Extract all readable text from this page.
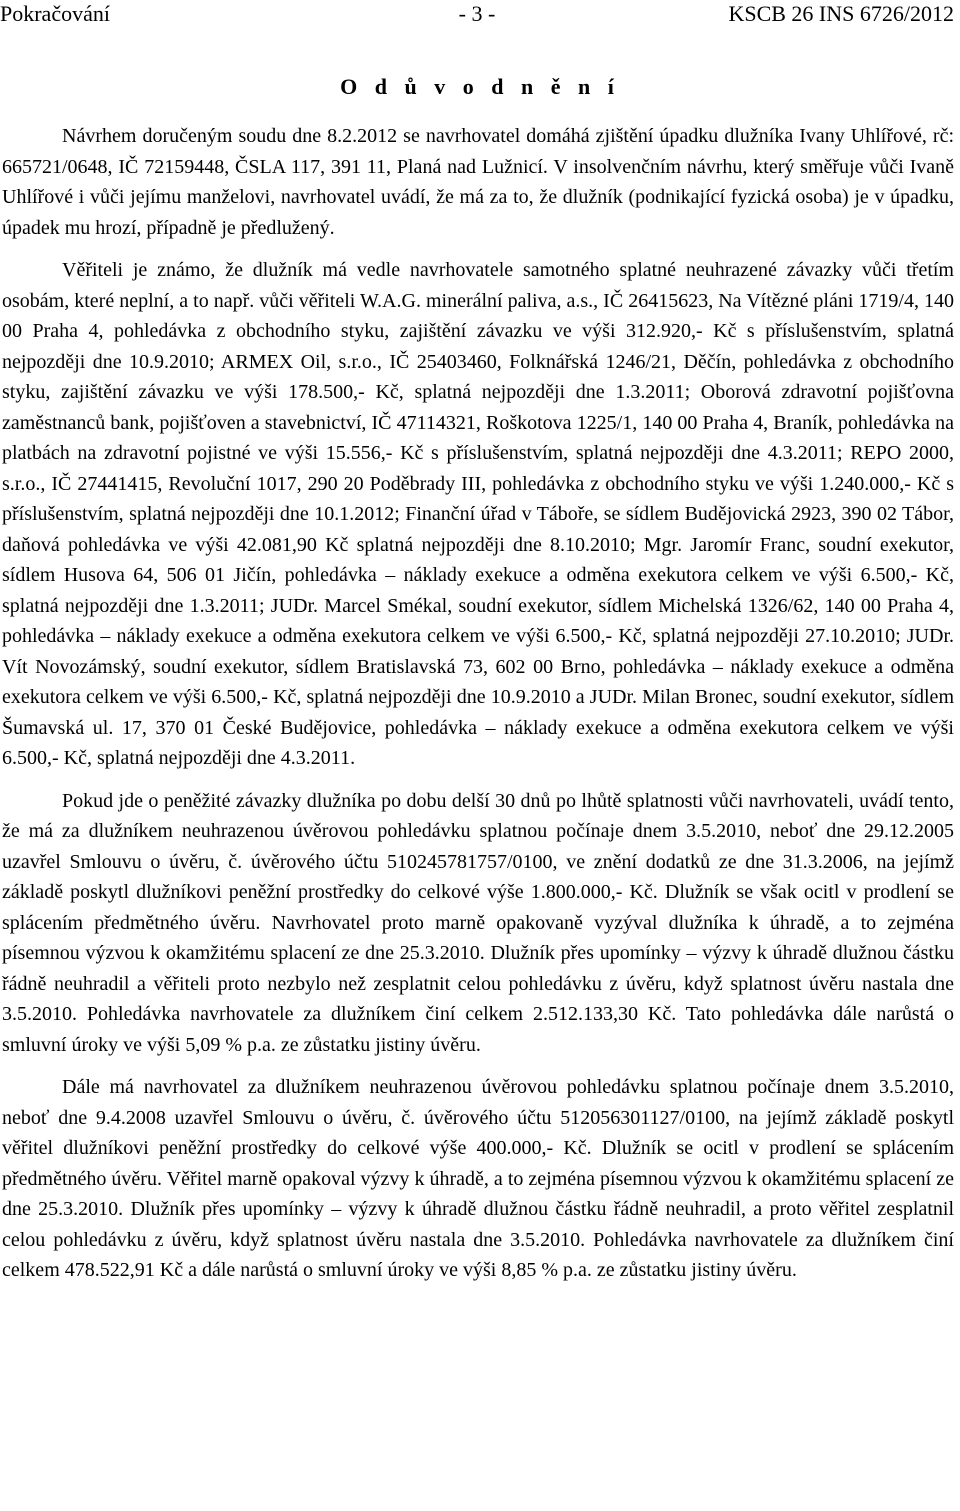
- 3 -
Pokračování	KSCB 26 INS 6726/2012
O d ů v o d n ě n í

Návrhem doručeným soudu dne 8.2.2012 se navrhovatel domáhá zjištění úpadku dlužníka Ivany Uhlířové, rč: 665721/0648, IČ 72159448, ČSLA 117, 391 11, Planá nad Lužnicí. V insolvenčním návrhu, který směřuje vůči Ivaně Uhlířové i vůči jejímu manželovi, navrhovatel uvádí, že má za to, že dlužník (podnikající fyzická osoba) je v úpadku, úpadek mu hrozí, případně je předlužený.

Věřiteli je známo, že dlužník má vedle navrhovatele samotného splatné neuhrazené závazky vůči třetím osobám, které neplní, a to např. vůči věřiteli W.A.G. minerální paliva, a.s., IČ 26415623, Na Vítězné pláni 1719/4, 140 00 Praha 4, pohledávka z obchodního styku, zajištění závazku ve výši 312.920,- Kč s příslušenstvím, splatná nejpozději dne 10.9.2010; ARMEX Oil, s.r.o., IČ 25403460, Folknářská 1246/21, Děčín, pohledávka z obchodního styku, zajištění závazku ve výši 178.500,- Kč, splatná nejpozději dne 1.3.2011; Oborová zdravotní pojišťovna zaměstnanců bank, pojišťoven a stavebnictví, IČ 47114321, Roškotova 1225/1, 140 00 Praha 4, Braník, pohledávka na platbách na zdravotní pojistné ve výši 15.556,- Kč s příslušenstvím, splatná nejpozději dne 4.3.2011; REPO 2000, s.r.o., IČ 27441415, Revoluční 1017, 290 20 Poděbrady III, pohledávka z obchodního styku ve výši 1.240.000,- Kč s příslušenstvím, splatná nejpozději dne 10.1.2012; Finanční úřad v Táboře, se sídlem Budějovická 2923, 390 02 Tábor, daňová pohledávka ve výši 42.081,90 Kč splatná nejpozději dne 8.10.2010; Mgr. Jaromír Franc, soudní exekutor, sídlem Husova 64, 506 01 Jičín, pohledávka – náklady exekuce a odměna exekutora celkem ve výši 6.500,- Kč, splatná nejpozději dne 1.3.2011; JUDr. Marcel Smékal, soudní exekutor, sídlem Michelská 1326/62, 140 00 Praha 4, pohledávka – náklady exekuce a odměna exekutora celkem ve výši 6.500,- Kč, splatná nejpozději 27.10.2010; JUDr. Vít Novozámský, soudní exekutor, sídlem Bratislavská 73, 602 00 Brno, pohledávka – náklady exekuce a odměna exekutora celkem ve výši 6.500,- Kč, splatná nejpozději dne 10.9.2010 a JUDr. Milan Bronec, soudní exekutor, sídlem Šumavská ul. 17, 370 01 České Budějovice, pohledávka – náklady exekuce a odměna exekutora celkem ve výši 6.500,- Kč, splatná nejpozději dne 4.3.2011.

Pokud jde o peněžité závazky dlužníka po dobu delší 30 dnů po lhůtě splatnosti vůči navrhovateli, uvádí tento, že má za dlužníkem neuhrazenou úvěrovou pohledávku splatnou počínaje dnem 3.5.2010, neboť dne 29.12.2005 uzavřel Smlouvu o úvěru, č. úvěrového účtu 510245781757/0100, ve znění dodatků ze dne 31.3.2006, na jejímž základě poskytl dlužníkovi peněžní prostředky do celkové výše 1.800.000,- Kč. Dlužník se však ocitl v prodlení se splácením předmětného úvěru. Navrhovatel proto marně opakovaně vyzýval dlužníka k úhradě, a to zejména písemnou výzvou k okamžitému splacení ze dne 25.3.2010. Dlužník přes upomínky – výzvy k úhradě dlužnou částku řádně neuhradil a věřiteli proto nezbylo než zesplatnit celou pohledávku z úvěru, když splatnost úvěru nastala dne 3.5.2010. Pohledávka navrhovatele za dlužníkem činí celkem 2.512.133,30 Kč. Tato pohledávka dále narůstá o smluvní úroky ve výši 5,09 % p.a. ze zůstatku jistiny úvěru.

Dále má navrhovatel za dlužníkem neuhrazenou úvěrovou pohledávku splatnou počínaje dnem 3.5.2010, neboť dne 9.4.2008 uzavřel Smlouvu o úvěru, č. úvěrového účtu 512056301127/0100, na jejímž základě poskytl věřitel dlužníkovi peněžní prostředky do celkové výše 400.000,- Kč. Dlužník se ocitl v prodlení se splácením předmětného úvěru. Věřitel marně opakoval výzvy k úhradě, a to zejména písemnou výzvou k okamžitému splacení ze dne 25.3.2010. Dlužník přes upomínky – výzvy k úhradě dlužnou částku řádně neuhradil, a proto věřitel zesplatnil celou pohledávku z úvěru, když splatnost úvěru nastala dne 3.5.2010. Pohledávka navrhovatele za dlužníkem činí celkem 478.522,91 Kč a dále narůstá o smluvní úroky ve výši 8,85 % p.a. ze zůstatku jistiny úvěru.
